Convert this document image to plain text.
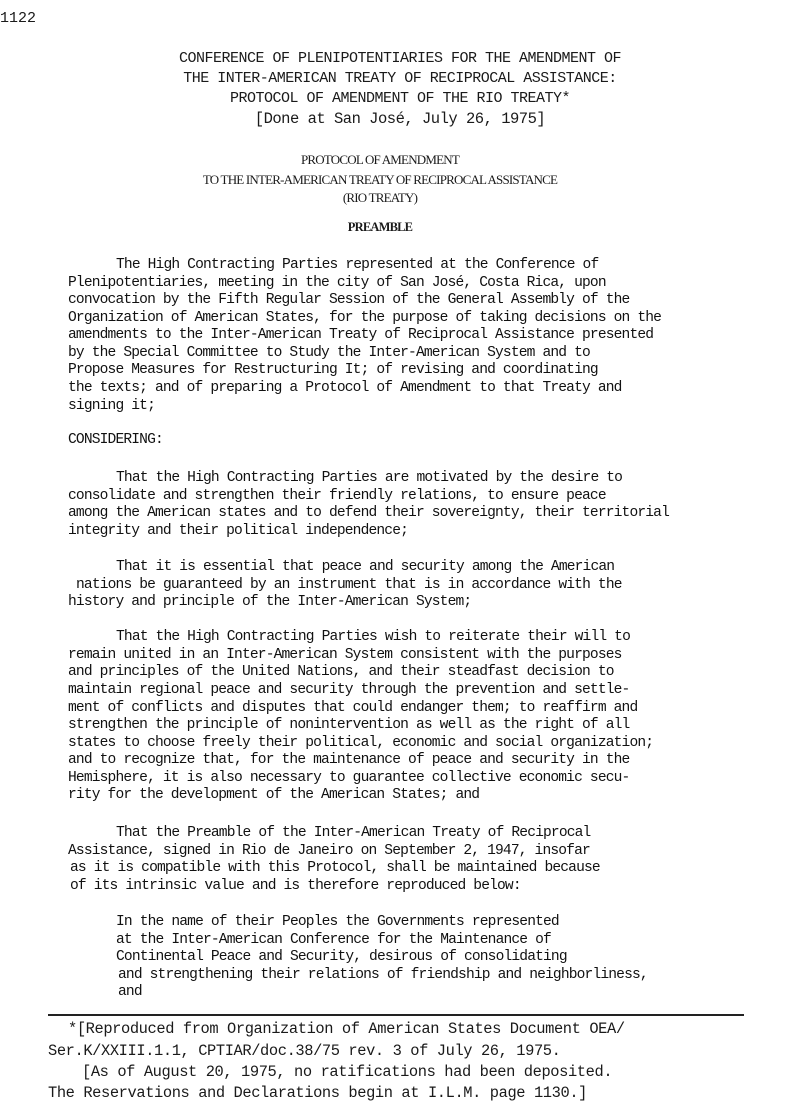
1122
CONFERENCE OF PLENIPOTENTIARIES FOR THE AMENDMENT OF
THE INTER-AMERICAN TREATY OF RECIPROCAL ASSISTANCE:
PROTOCOL OF AMENDMENT OF THE RIO TREATY*
[Done at San José, July 26, 1975]
PROTOCOL OF AMENDMENT
TO THE INTER-AMERICAN TREATY OF RECIPROCAL ASSISTANCE
(RIO TREATY)
PREAMBLE
The High Contracting Parties represented at the Conference of
Plenipotentiaries, meeting in the city of San José, Costa Rica, upon
convocation by the Fifth Regular Session of the General Assembly of the
Organization of American States, for the purpose of taking decisions on the
amendments to the Inter-American Treaty of Reciprocal Assistance presented
by the Special Committee to Study the Inter-American System and to
Propose Measures for Restructuring It; of revising and coordinating
the texts; and of preparing a Protocol of Amendment to that Treaty and
signing it;
CONSIDERING:
That the High Contracting Parties are motivated by the desire to
consolidate and strengthen their friendly relations, to ensure peace
among the American states and to defend their sovereignty, their territorial
integrity and their political independence;
That it is essential that peace and security among the American
nations be guaranteed by an instrument that is in accordance with the
history and principle of the Inter-American System;
That the High Contracting Parties wish to reiterate their will to
remain united in an Inter-American System consistent with the purposes
and principles of the United Nations, and their steadfast decision to
maintain regional peace and security through the prevention and settle-
ment of conflicts and disputes that could endanger them; to reaffirm and
strengthen the principle of nonintervention as well as the right of all
states to choose freely their political, economic and social organization;
and to recognize that, for the maintenance of peace and security in the
Hemisphere, it is also necessary to guarantee collective economic secu-
rity for the development of the American States; and
That the Preamble of the Inter-American Treaty of Reciprocal
Assistance, signed in Rio de Janeiro on September 2, 1947, insofar
as it is compatible with this Protocol, shall be maintained because
of its intrinsic value and is therefore reproduced below:
In the name of their Peoples the Governments represented
at the Inter-American Conference for the Maintenance of
Continental Peace and Security, desirous of consolidating
and strengthening their relations of friendship and neighborliness,
and
*[Reproduced from Organization of American States Document OEA/
Ser.K/XXIII.1.1, CPTIAR/doc.38/75 rev. 3 of July 26, 1975.
[As of August 20, 1975, no ratifications had been deposited.
The Reservations and Declarations begin at I.L.M. page 1130.]
